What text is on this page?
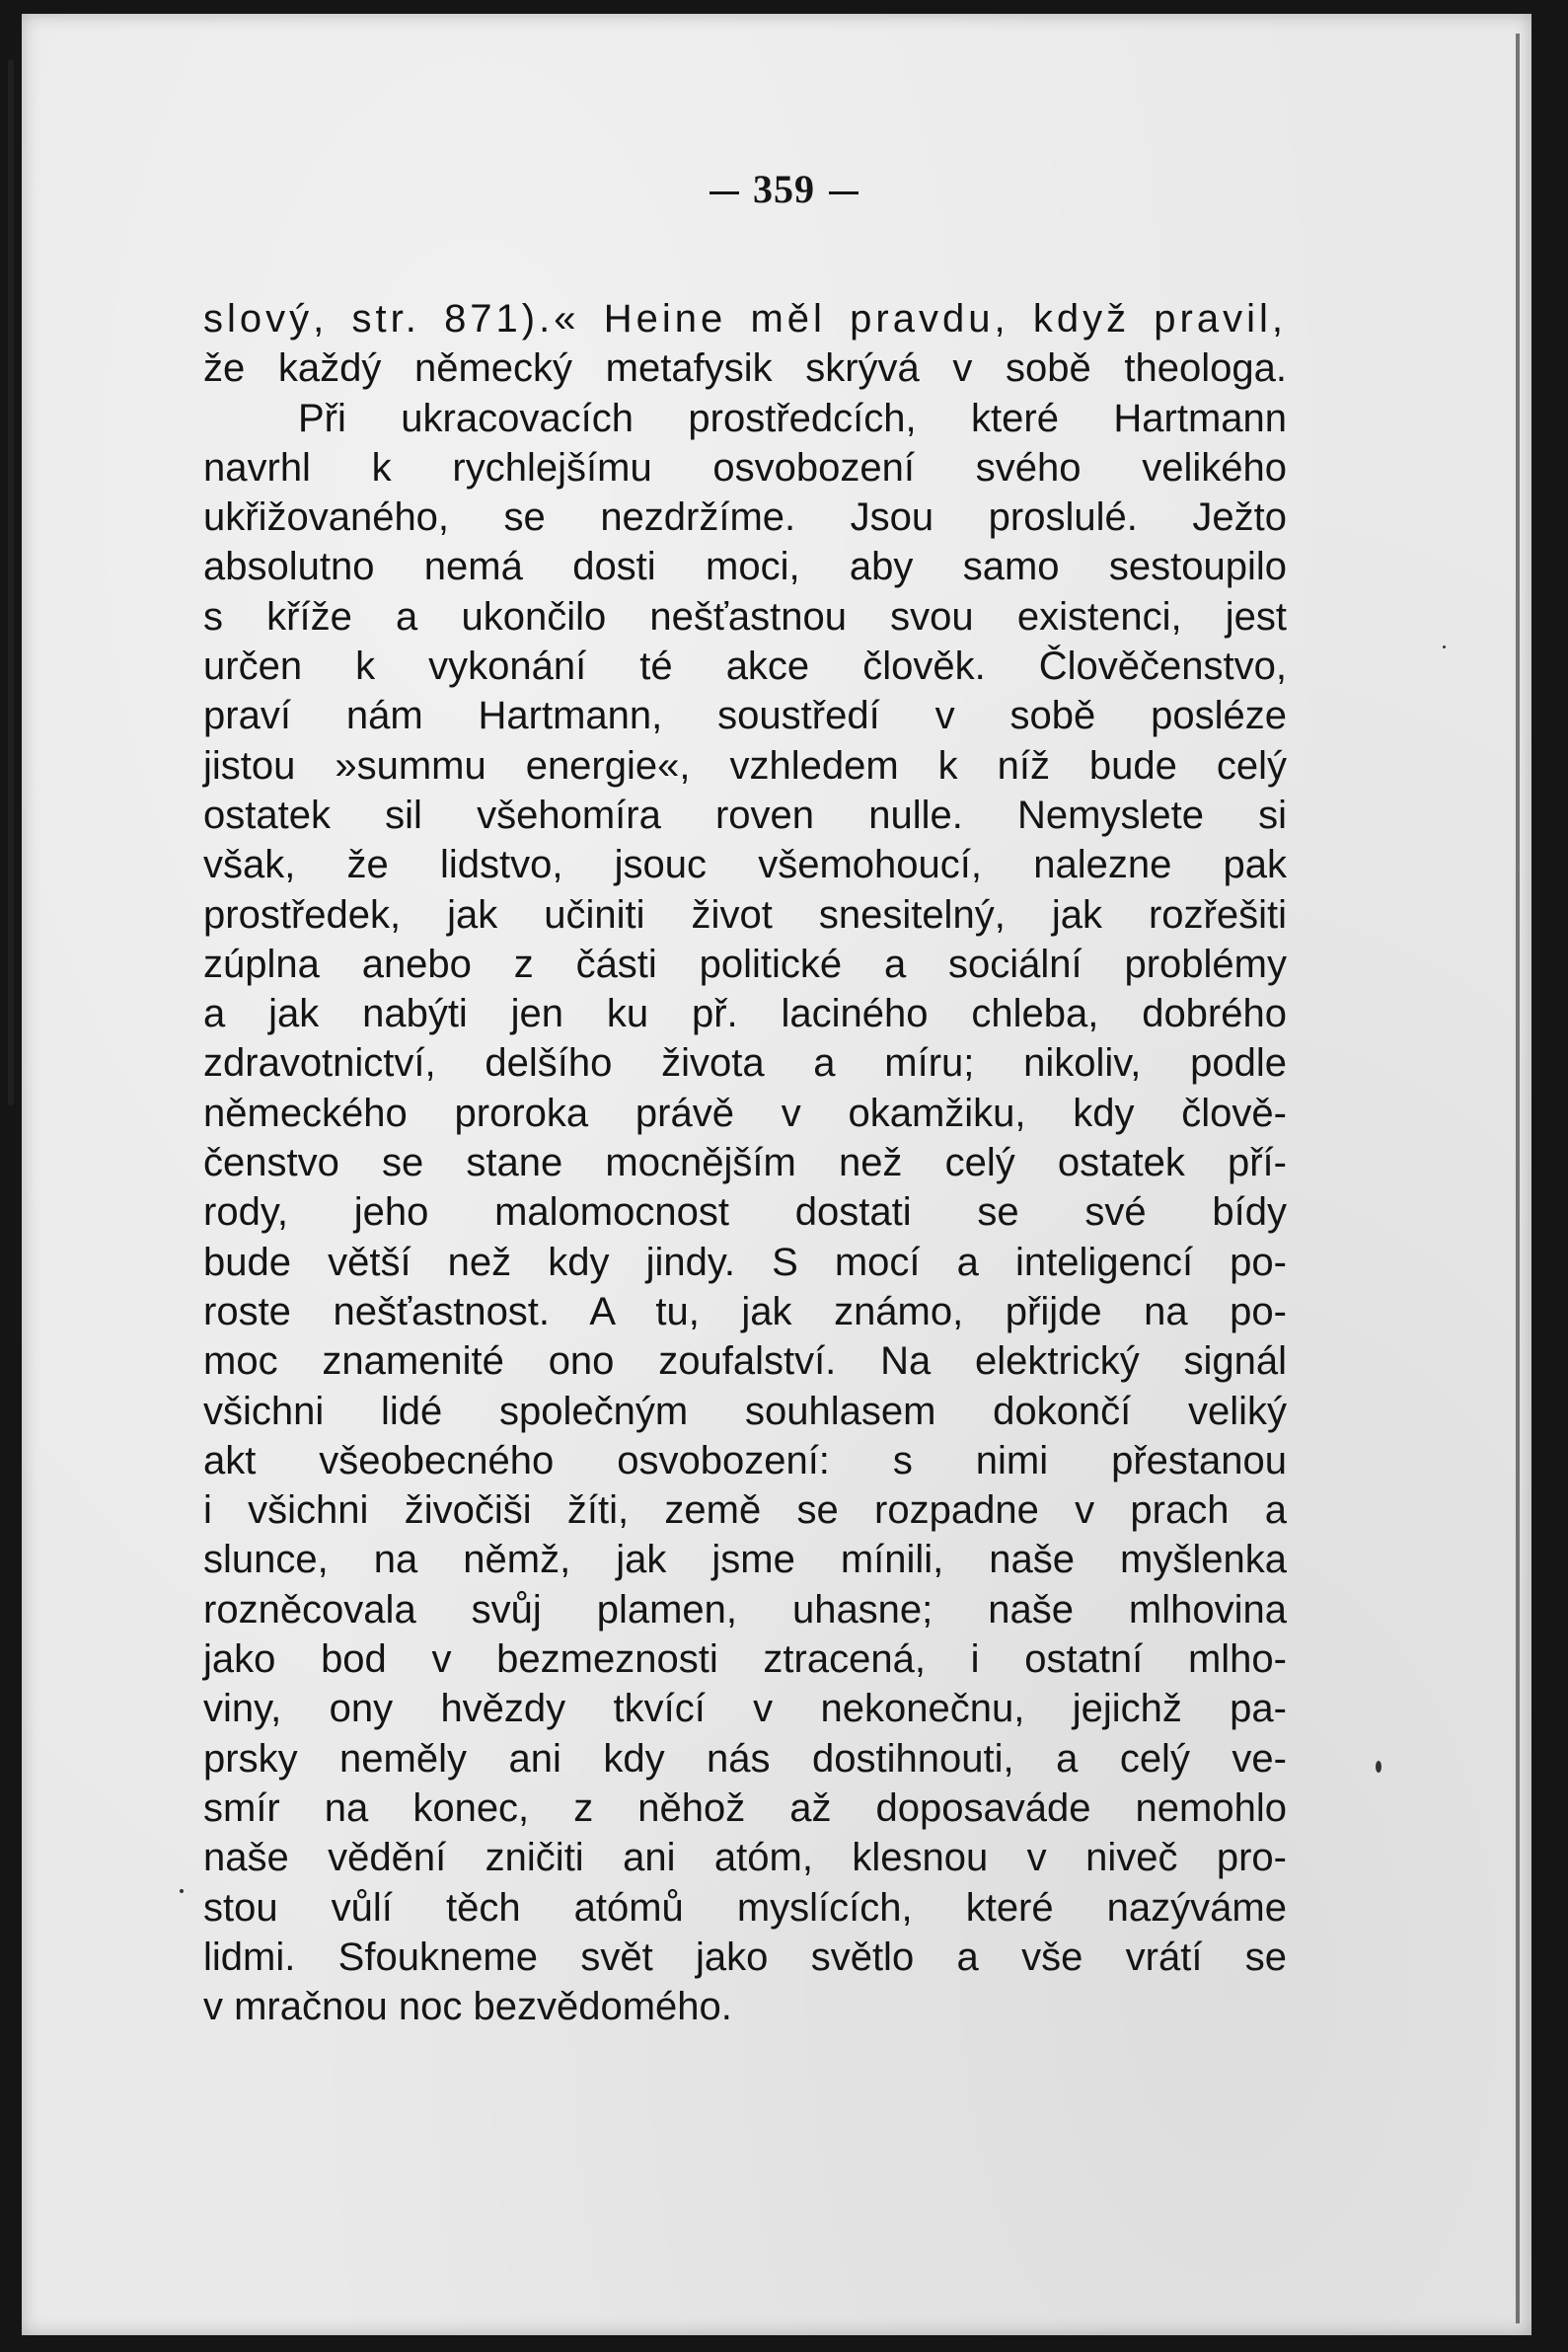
359
slový, str. 871).« Heine měl pravdu, když pravil,
že každý německý metafysik skrývá v sobě theologa.
Při ukracovacích prostředcích, které Hartmann
navrhl k rychlejšímu osvobození svého velikého
ukřižovaného, se nezdržíme. Jsou proslulé. Ježto
absolutno nemá dosti moci, aby samo sestoupilo
s kříže a ukončilo nešťastnou svou existenci, jest
určen k vykonání té akce člověk. Člověčenstvo,
praví nám Hartmann, soustředí v sobě posléze
jistou »summu energie«, vzhledem k níž bude celý
ostatek sil všehomíra roven nulle. Nemyslete si
však, že lidstvo, jsouc všemohoucí, nalezne pak
prostředek, jak učiniti život snesitelný, jak rozřešiti
zúplna anebo z části politické a sociální problémy
a jak nabýti jen ku př. laciného chleba, dobrého
zdravotnictví, delšího života a míru; nikoliv, podle
německého proroka právě v okamžiku, kdy člově-
čenstvo se stane mocnějším než celý ostatek pří-
rody, jeho malomocnost dostati se své bídy
bude větší než kdy jindy. S mocí a inteligencí po-
roste nešťastnost. A tu, jak známo, přijde na po-
moc znamenité ono zoufalství. Na elektrický signál
všichni lidé společným souhlasem dokončí veliký
akt všeobecného osvobození: s nimi přestanou
i všichni živočiši žíti, země se rozpadne v prach a
slunce, na němž, jak jsme mínili, naše myšlenka
rozněcovala svůj plamen, uhasne; naše mlhovina
jako bod v bezmeznosti ztracená, i ostatní mlho-
viny, ony hvězdy tkvící v nekonečnu, jejichž pa-
prsky neměly ani kdy nás dostihnouti, a celý ve-
smír na konec, z něhož až doposaváde nemohlo
naše vědění zničiti ani atóm, klesnou v niveč pro-
stou vůlí těch atómů myslících, které nazýváme
lidmi. Sfoukneme svět jako světlo a vše vrátí se
v mračnou noc bezvědomého.
